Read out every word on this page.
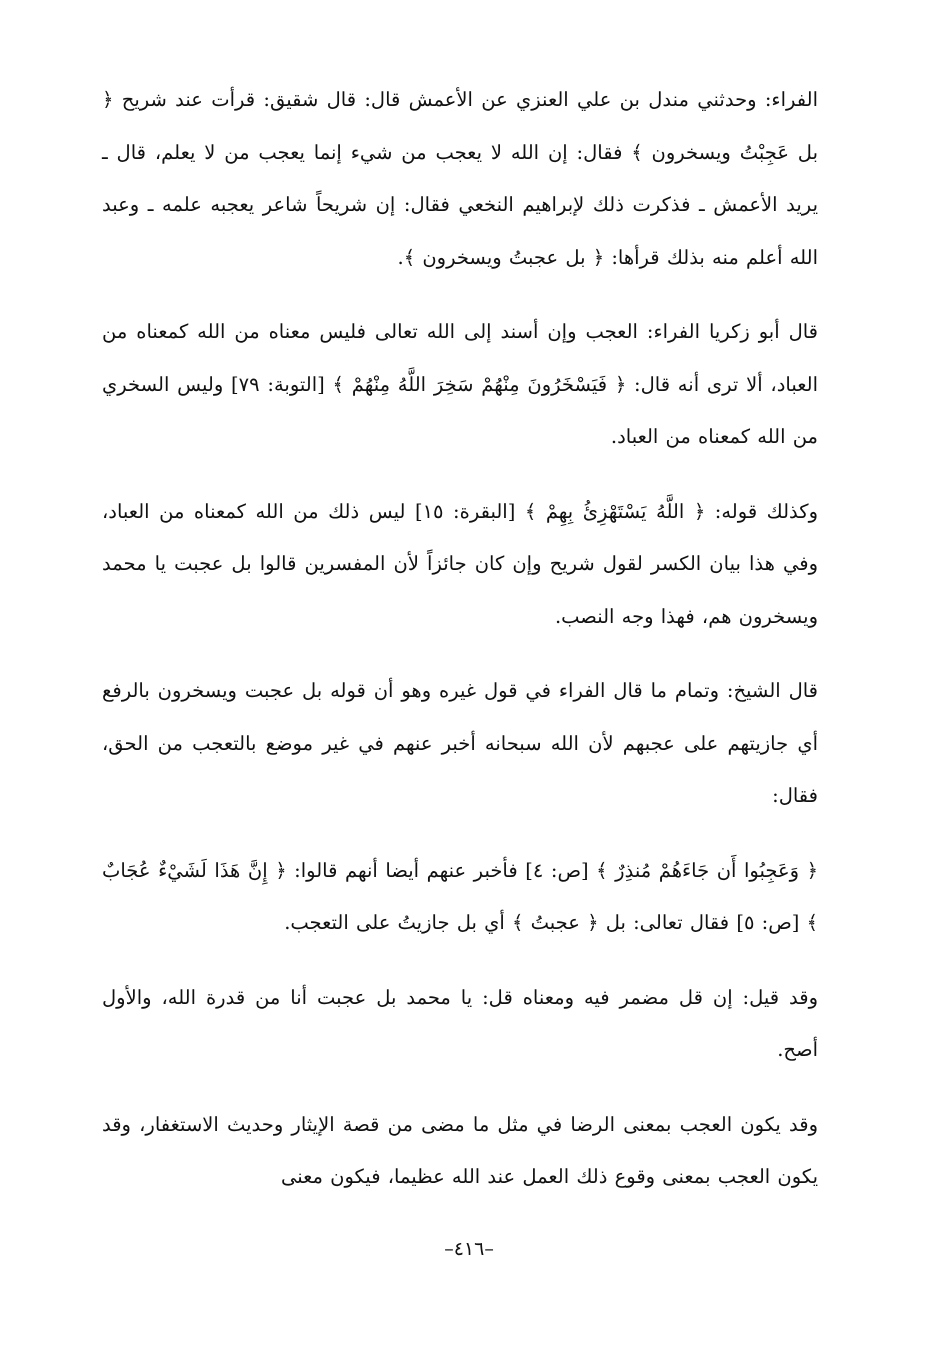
الفراء: وحدثني مندل بن علي العنزي عن الأعمش قال: قال شقيق: قرأت عند شريح ﴿ بل عَجِبْتُ ويسخرون ﴾ فقال: إن الله لا يعجب من شيء إنما يعجب من لا يعلم، قال ـ يريد الأعمش ـ فذكرت ذلك لإبراهيم النخعي فقال: إن شريحاً شاعر يعجبه علمه ـ وعبد الله أعلم منه بذلك قرأها: ﴿ بل عجبتُ ويسخرون ﴾.

قال أبو زكريا الفراء: العجب وإن أسند إلى الله تعالى فليس معناه من الله كمعناه من العباد، ألا ترى أنه قال: ﴿ فَيَسْخَرُونَ مِنْهُمْ سَخِرَ اللَّهُ مِنْهُمْ ﴾ [التوبة: ٧٩] وليس السخري من الله كمعناه من العباد.

وكذلك قوله: ﴿ اللَّهُ يَسْتَهْزِئُ بِهِمْ ﴾ [البقرة: ١٥] ليس ذلك من الله كمعناه من العباد، وفي هذا بيان الكسر لقول شريح وإن كان جائزاً لأن المفسرين قالوا بل عجبت يا محمد ويسخرون هم، فهذا وجه النصب.

قال الشيخ: وتمام ما قال الفراء في قول غيره وهو أن قوله بل عجبت ويسخرون بالرفع أي جازيتهم على عجبهم لأن الله سبحانه أخبر عنهم في غير موضع بالتعجب من الحق، فقال:

﴿ وَعَجِبُوا أَن جَاءَهُمْ مُنذِرٌ ﴾ [ص: ٤] فأخبر عنهم أيضا أنهم قالوا: ﴿ إِنَّ هَذَا لَشَيْءٌ عُجَابٌ ﴾ [ص: ٥] فقال تعالى: بل ﴿ عجبتُ ﴾ أي بل جازيتُ على التعجب.

وقد قيل: إن قل مضمر فيه ومعناه قل: يا محمد بل عجبت أنا من قدرة الله، والأول أصح.

وقد يكون العجب بمعنى الرضا في مثل ما مضى من قصة الإيثار وحديث الاستغفار، وقد يكون العجب بمعنى وقوع ذلك العمل عند الله عظيما، فيكون معنى

–٤١٦–
